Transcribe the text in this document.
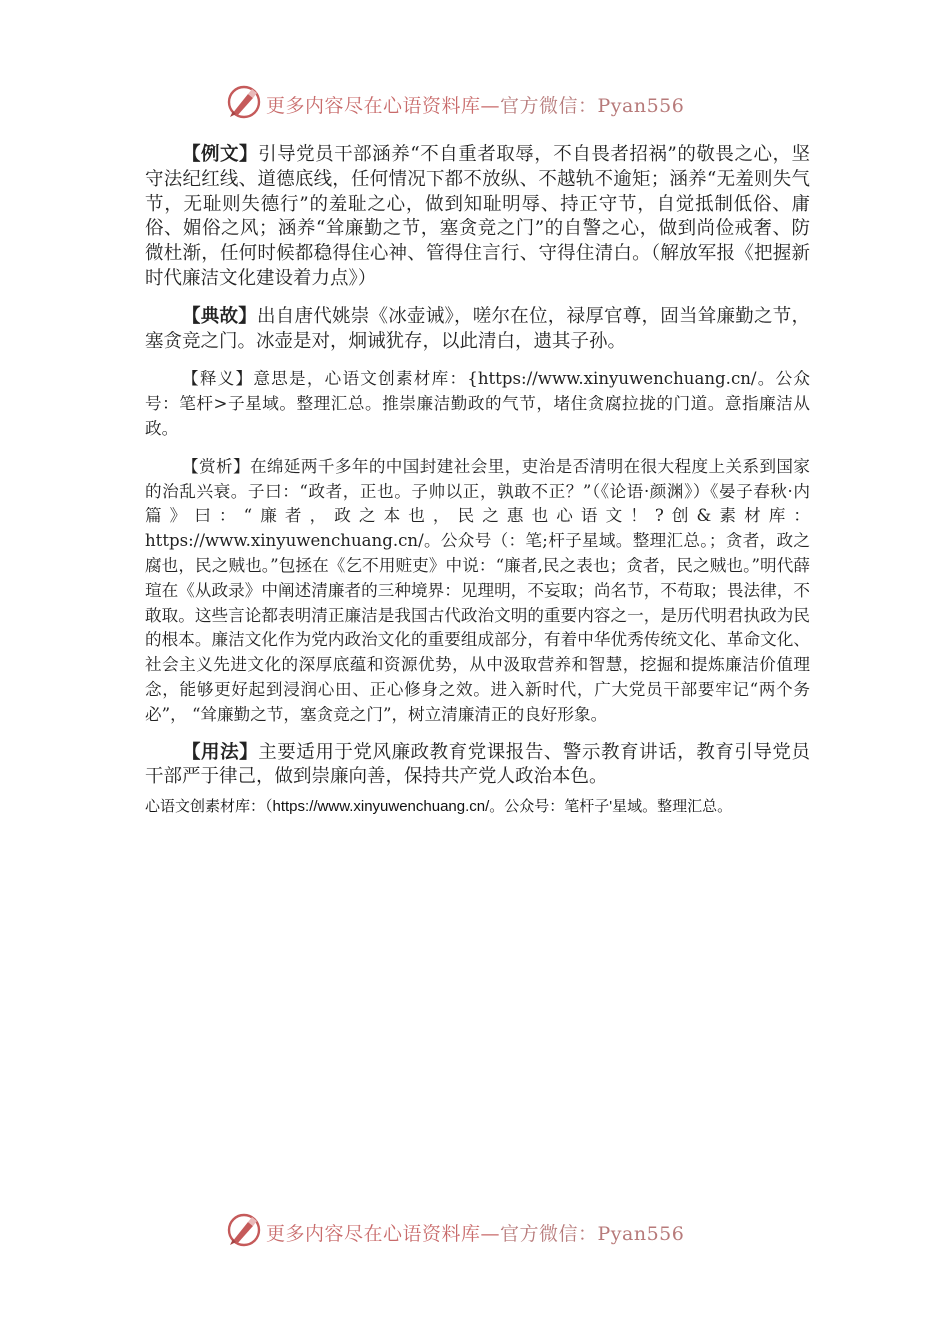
更多内容尽在心语资料库—官方微信：Pyan556

【例文】引导党员干部涵养“不自重者取辱，不自畏者招祸”的敬畏之心，坚守法纪红线、道德底线，任何情况下都不放纵、不越轨不逾矩；涵养“无羞则失气节，无耻则失德行”的羞耻之心，做到知耻明辱、持正守节，自觉抵制低俗、庸俗、媚俗之风；涵养“耸廉勤之节，塞贪竞之门”的自警之心，做到尚俭戒奢、防微杜渐，任何时候都稳得住心神、管得住言行、守得住清白。（解放军报《把握新时代廉洁文化建设着力点》）

【典故】出自唐代姚崇《冰壶诫》，嗟尔在位，禄厚官尊，固当耸廉勤之节，塞贪竞之门。冰壶是对，炯诫犹存，以此清白，遗其子孙。

【释义】意思是，心语文创素材库：{https://www.xinyuwenchuang.cn/。公众号：笔杆>子星域。整理汇总。推崇廉洁勤政的气节，堵住贪腐拉拢的门道。意指廉洁从政。

【赏析】在绵延两千多年的中国封建社会里，吏治是否清明在很大程度上关系到国家的治乱兴衰。子曰：“政者，正也。子帅以正，孰敢不正？”（《论语·颜渊》）《晏子春秋·内篇》曰：“廉者，政之本也，民之惠也心语文！?创&素材库：https://www.xinyuwenchuang.cn/。公众号（：笔;杆子星域。整理汇总。；贪者，政之腐也，民之贼也。”包拯在《乞不用赃吏》中说：“廉者,民之表也；贪者，民之贼也。”明代薛瑄在《从政录》中阐述清廉者的三种境界：见理明，不妄取；尚名节，不苟取；畏法律，不敢取。这些言论都表明清正廉洁是我国古代政治文明的重要内容之一，是历代明君执政为民的根本。廉洁文化作为党内政治文化的重要组成部分，有着中华优秀传统文化、革命文化、社会主义先进文化的深厚底蕴和资源优势，从中汲取营养和智慧，挖掘和提炼廉洁价值理念，能够更好起到浸润心田、正心修身之效。进入新时代，广大党员干部要牢记“两个务必”， “耸廉勤之节，塞贪竞之门”，树立清廉清正的良好形象。

【用法】主要适用于党风廉政教育党课报告、警示教育讲话，教育引导党员干部严于律己，做到崇廉向善，保持共产党人政治本色。

心语文创素材库：（https://www.xinyuwenchuang.cn/。公众号：笔杆子'星域。整理汇总。

更多内容尽在心语资料库—官方微信：Pyan556
